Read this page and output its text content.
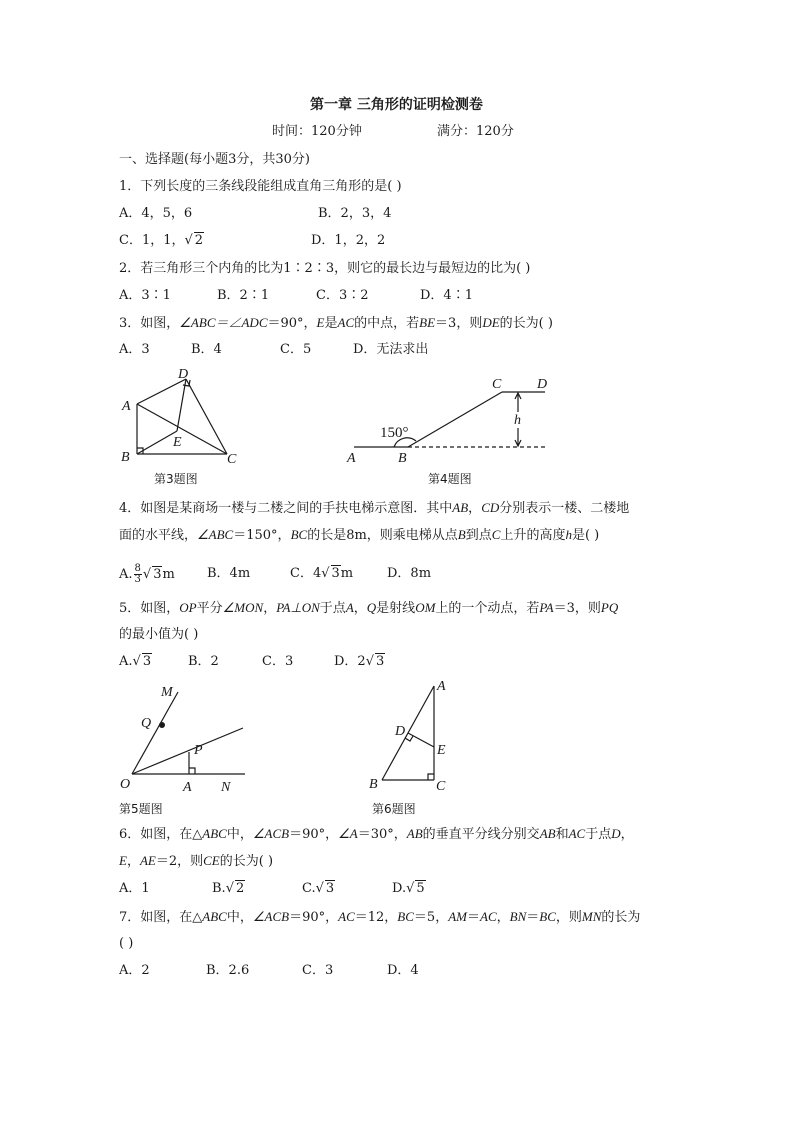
第一章 三角形的证明检测卷
时间：120分钟	满分：120分
一、选择题(每小题3分，共30分)
1．下列长度的三条线段能组成直角三角形的是( )
A．4，5，6	B．2，3，4
C．1，1，√ 2	D．1，2，2
2．若三角形三个内角的比为1∶2∶3，则它的最长边与最短边的比为( )
A．3∶1	B．2∶1	C．3∶2	D．4∶1
3．如图，∠ABC＝∠ADC＝90°，E是AC的中点，若BE＝3，则DE的长为( )
A．3	B．4	C．5	D．无法求出
D
A
E
B	C
第3题图
C	D
h
150°
A	B
第4题图
4．如图是某商场一楼与二楼之间的手扶电梯示意图．其中AB，CD分别表示一楼、二楼地
面的水平线，∠ABC＝150°，BC的长是8m，则乘电梯从点B到点C上升的高度h是( )
A. $\frac{8}{3}$ √ 3m B．4m	C．4√ 3m	D．8m
5．如图，OP平分∠MON，PA⊥ON于点A，Q是射线OM上的一个动点，若PA＝3，则PQ
的最小值为( )
A.√ 3	B．2	C．3	D．2√ 3
M
Q
P
O	A N
第5题图
A
D
E
B	C
第6题图
6．如图，在△ABC中，∠ACB＝90°，∠A＝30°，AB的垂直平分线分别交AB和AC于点D，
E，AE＝2，则CE的长为( )
A．1	B.√ 2	C.√ 3	D.√ 5
7．如图，在△ABC中，∠ACB＝90°，AC＝12，BC＝5，AM＝AC，BN＝BC，则MN的长为
( )
A．2	B．2.6	C．3	D．4
